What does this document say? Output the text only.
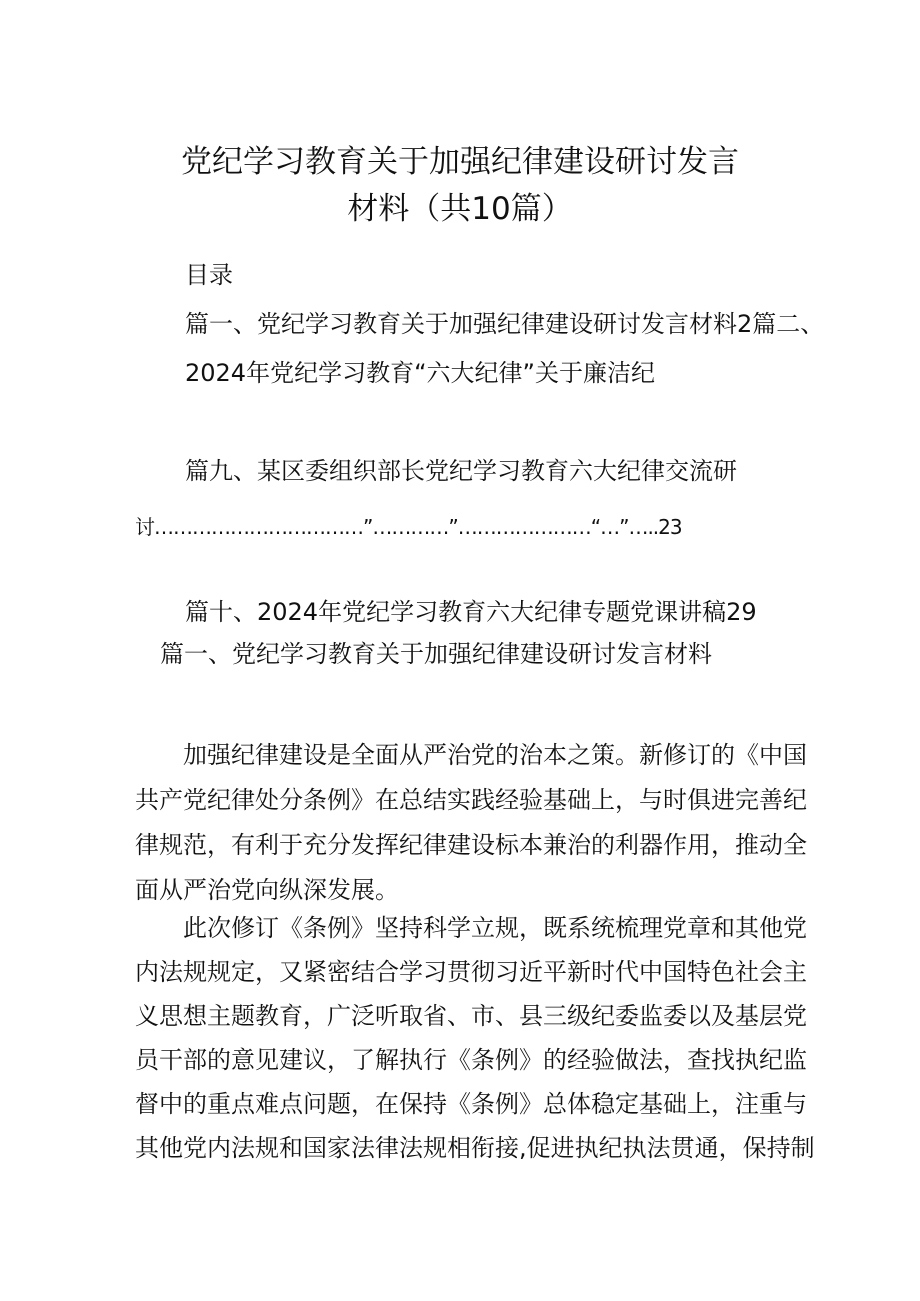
党纪学习教育关于加强纪律建设研讨发言
材料（共10篇）
目录
篇一、党纪学习教育关于加强纪律建设研讨发言材料2篇二、
2024年党纪学习教育“六大纪律”关于廉洁纪
篇九、某区委组织部长党纪学习教育六大纪律交流研
讨……………………………”…………”…………………“…”…..23
篇十、2024年党纪学习教育六大纪律专题党课讲稿29
篇一、党纪学习教育关于加强纪律建设研讨发言材料
加强纪律建设是全面从严治党的治本之策。新修订的《中国
共产党纪律处分条例》在总结实践经验基础上，与时俱进完善纪
律规范，有利于充分发挥纪律建设标本兼治的利器作用，推动全
面从严治党向纵深发展。
此次修订《条例》坚持科学立规，既系统梳理党章和其他党
内法规规定，又紧密结合学习贯彻习近平新时代中国特色社会主
义思想主题教育，广泛听取省、市、县三级纪委监委以及基层党
员干部的意见建议，了解执行《条例》的经验做法，查找执纪监
督中的重点难点问题，在保持《条例》总体稳定基础上，注重与
其他党内法规和国家法律法规相衔接,促进执纪执法贯通，保持制
